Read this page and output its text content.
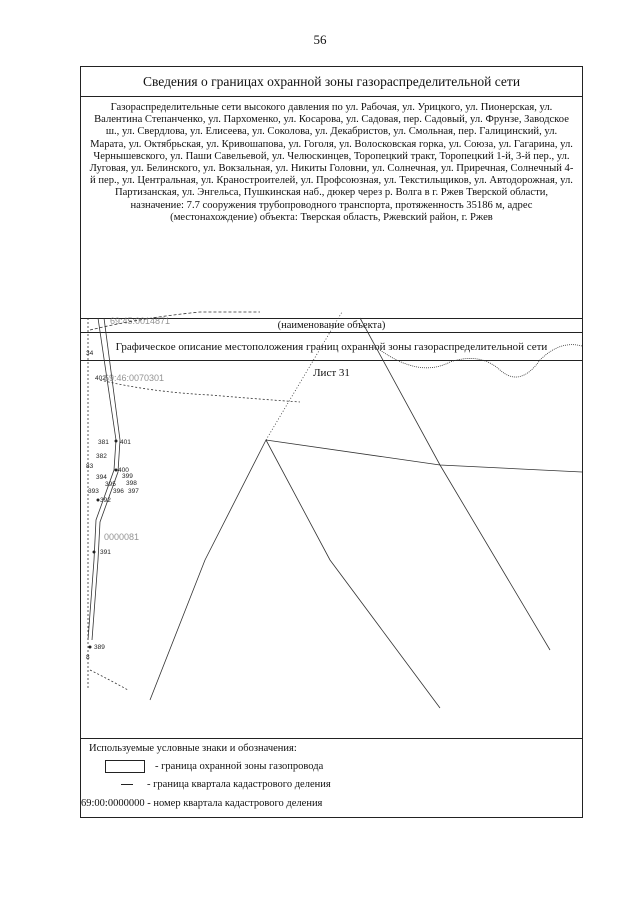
56
Сведения о границах охранной зоны газораспределительной сети
Газораспределительные сети высокого давления по ул. Рабочая, ул. Урицкого, ул. Пионерская, ул. Валентина Степанченко, ул. Пархоменко, ул. Косарова, ул. Садовая, пер. Садовый, ул. Фрунзе, Заводское ш., ул. Свердлова, ул. Елисеева, ул. Соколова, ул. Декабристов, ул. Смольная, пер. Галицинский, ул. Марата, ул. Октябрьская, ул. Кривошапова, ул. Гоголя, ул. Волосковская горка, ул. Союза, ул. Гагарина, ул. Чернышевского, ул. Паши Савельевой, ул. Челюскинцев, Торопецкий тракт, Торопецкий 1-й, 3-й пер., ул. Луговая, ул. Белинского, ул. Вокзальная, ул. Никиты Головни, ул. Солнечная, ул. Приречная, Солнечный 4-й пер., ул. Центральная, ул. Краностроителей, ул. Профсоюзная, ул. Текстильщиков, ул. Автодорожная, ул. Партизанская, ул. Энгельса, Пушкинская наб., дюкер через р. Волга в г. Ржев Тверской области, назначение: 7.7 сооружения трубопроводного транспорта, протяженность 35186 м, адрес (местонахождение) объекта: Тверская область, Ржевский район, г. Ржев
(наименование объекта)
Графическое описание местоположения границ охранной зоны газораспределительной сети
Лист 31
Используемые условные знаки и обозначения:
- граница охранной зоны газопровода
- граница квартала кадастрового деления
69:00:0000000 - номер квартала кадастрового деления
34
402
381 401
382
83
400
394 399
395 398
393 396 397
392
391
389
8
69:45:0014871
69:46:0070301
0000081
